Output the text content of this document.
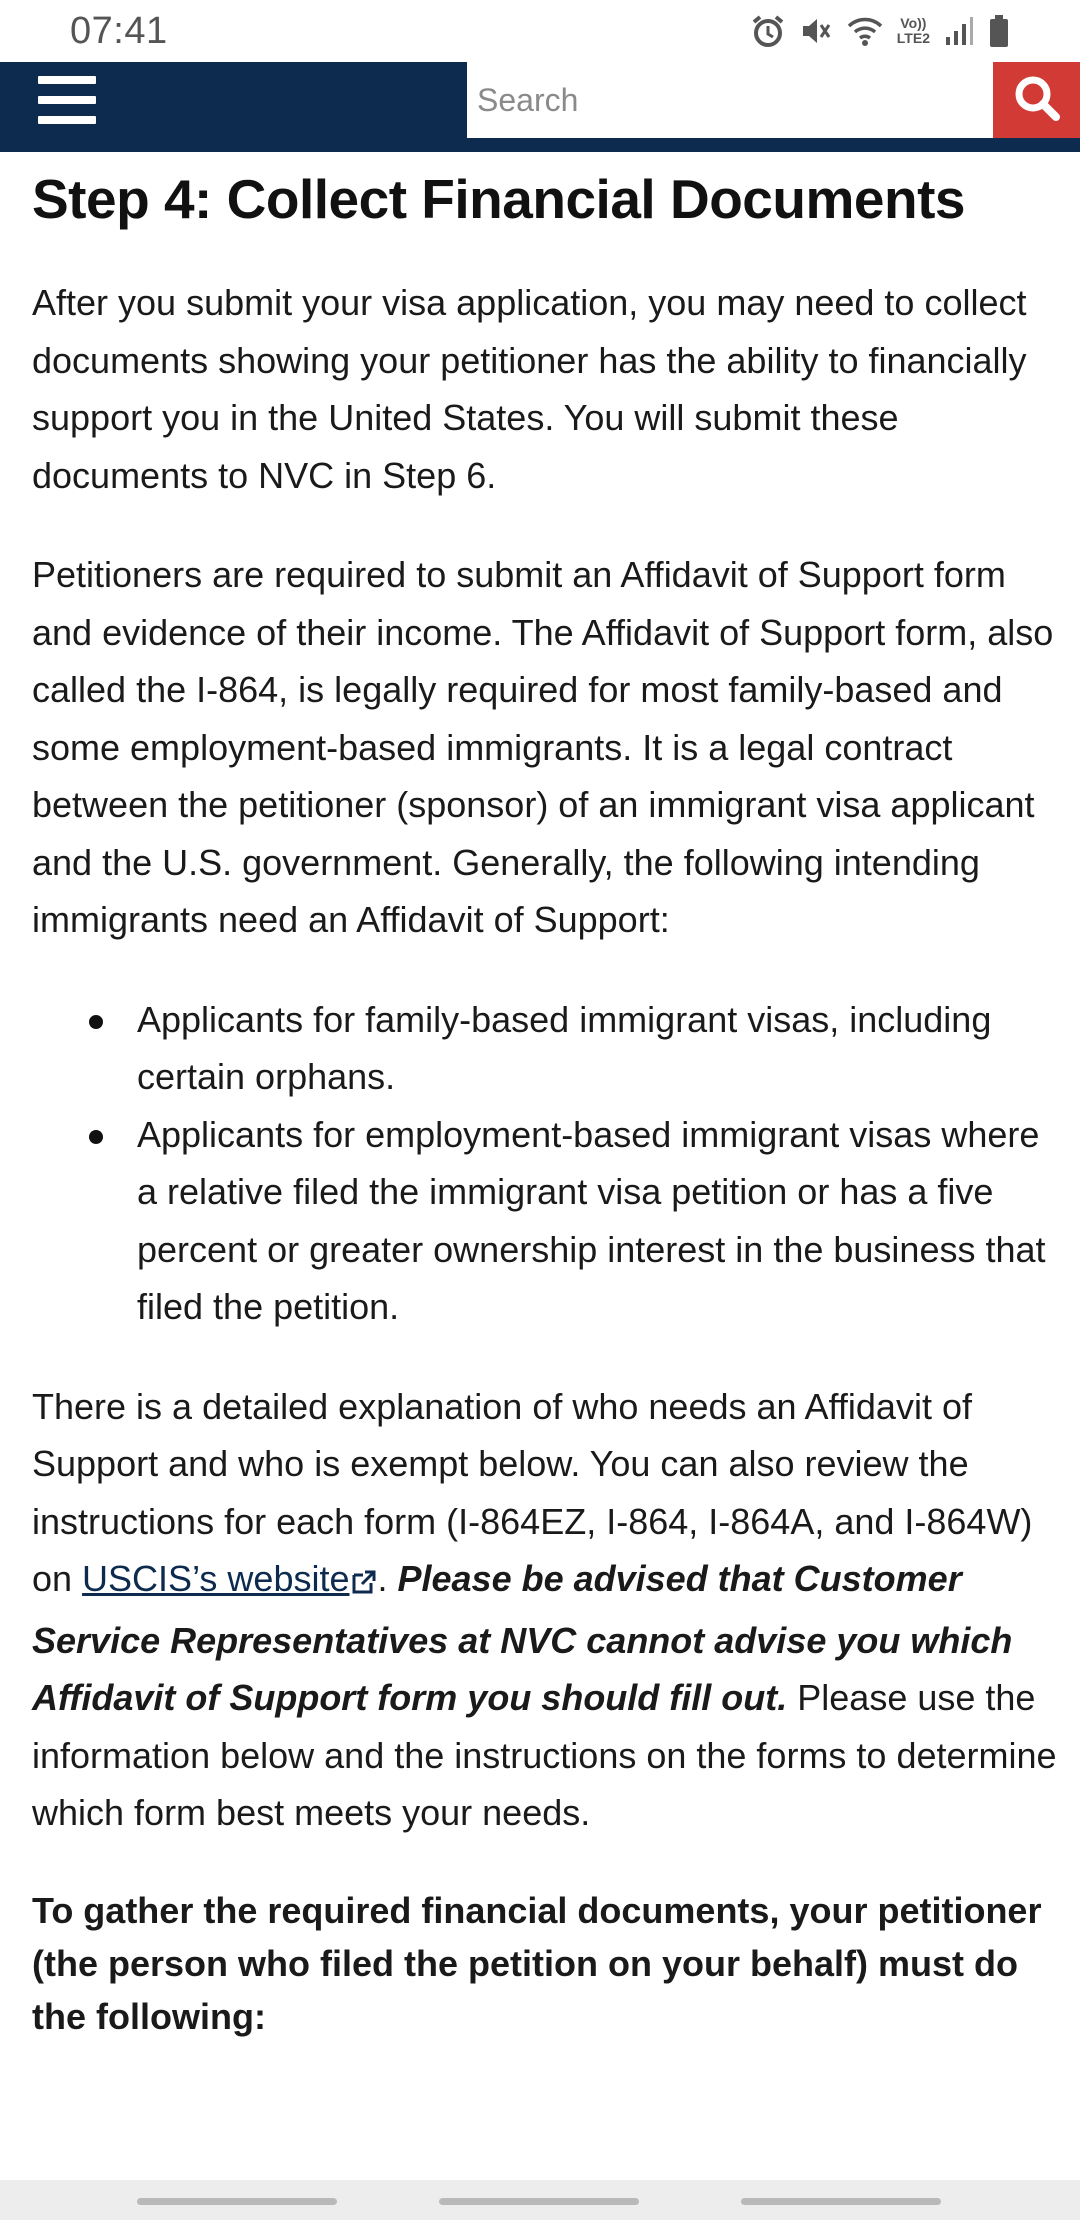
07:41	Vo))
LTE2
Search
Step 4: Collect Financial Documents

After you submit your visa application, you may need to collect documents showing your petitioner has the ability to financially support you in the United States. You will submit these documents to NVC in Step 6.

Petitioners are required to submit an Affidavit of Support form and evidence of their income. The Affidavit of Support form, also called the I-864, is legally required for most family-based and some employment-based immigrants. It is a legal contract between the petitioner (sponsor) of an immigrant visa applicant and the U.S. government. Generally, the following intending immigrants need an Affidavit of Support:

Applicants for family-based immigrant visas, including certain orphans.
Applicants for employment-based immigrant visas where a relative filed the immigrant visa petition or has a five percent or greater ownership interest in the business that filed the petition.

There is a detailed explanation of who needs an Affidavit of Support and who is exempt below. You can also review the instructions for each form (I-864EZ, I-864, I-864A, and I-864W) on USCIS’s website . Please be advised that Customer Service Representatives at NVC cannot advise you which Affidavit of Support form you should fill out. Please use the information below and the instructions on the forms to determine which form best meets your needs.

To gather the required financial documents, your petitioner (the person who filed the petition on your behalf) must do the following:
